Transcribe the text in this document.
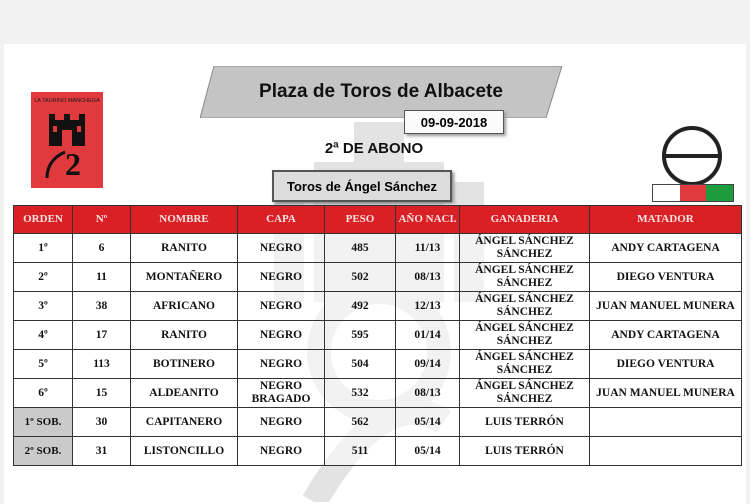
Plaza de Toros de Albacete
09-09-2018
2ª DE ABONO
Toros de Ángel Sánchez
LA TAURINO MANCHEGA
2
ORDEN	Nº	NOMBRE	CAPA	PESO	AÑO NACI.	GANADERIA	MATADOR
1º	6	RANITO	NEGRO	485	11/13	ÁNGEL SÁNCHEZ SÁNCHEZ	ANDY CARTAGENA
2º	11	MONTAÑERO	NEGRO	502	08/13	ÁNGEL SÁNCHEZ SÁNCHEZ	DIEGO VENTURA
3º	38	AFRICANO	NEGRO	492	12/13	ÁNGEL SÁNCHEZ SÁNCHEZ	JUAN MANUEL MUNERA
4º	17	RANITO	NEGRO	595	01/14	ÁNGEL SÁNCHEZ SÁNCHEZ	ANDY CARTAGENA
5º	113	BOTINERO	NEGRO	504	09/14	ÁNGEL SÁNCHEZ SÁNCHEZ	DIEGO VENTURA
6º	15	ALDEANITO	NEGRO BRAGADO	532	08/13	ÁNGEL SÁNCHEZ SÁNCHEZ	JUAN MANUEL MUNERA
1º SOB.	30	CAPITANERO	NEGRO	562	05/14	LUIS TERRÓN	
2º SOB.	31	LISTONCILLO	NEGRO	511	05/14	LUIS TERRÓN	
